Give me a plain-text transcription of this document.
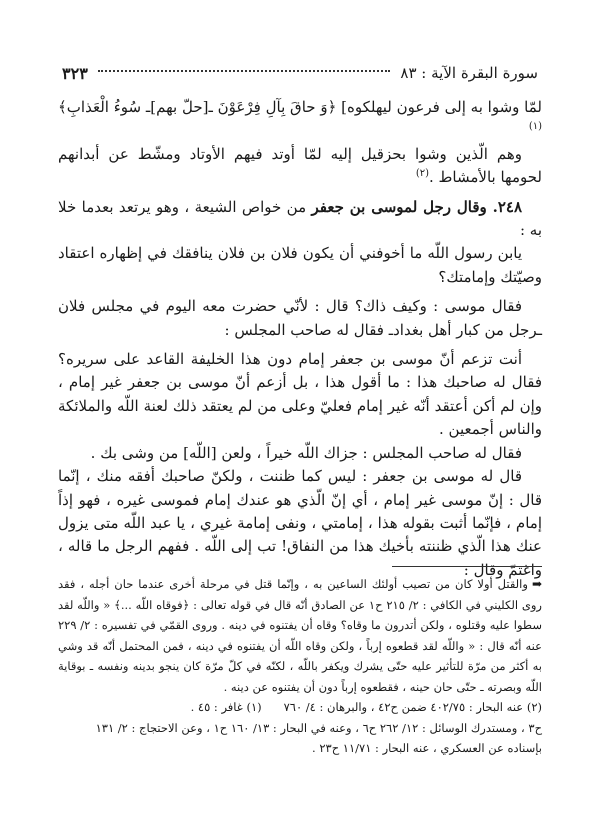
سورة البقرة الآية : ٨٣
٣٢٣

لمّا وشوا به إلى فرعون ليهلكوه] ﴿وَ حاقَ بِآلِ فِرْعَوْنَ ـ[حلّ بهم]ـ سُوءُ الْعَذابِ﴾$^{(١)}$

وهم الّذين وشوا بحزقيل إليه لمّا أوتد فيهم الأوتاد ومشّط عن أبدانهم لحومها بالأمشاط .$^{(٢)}$

٢٤٨. وقال رجل لموسى بن جعفر من خواص الشيعة ، وهو يرتعد بعدما خلا به :

يابن رسول اللّه ما أخوفني أن يكون فلان بن فلان ينافقك في إظهاره اعتقاد وصيّتك وإمامتك؟

فقال موسى : وكيف ذاك؟ قال : لأنّي حضرت معه اليوم في مجلس فلان ـرجل من كبار أهل بغدادـ فقال له صاحب المجلس :

أنت تزعم أنّ موسى بن جعفر إمام دون هذا الخليفة القاعد على سريره؟ فقال له صاحبك هذا : ما أقول هذا ، بل أزعم أنّ موسى بن جعفر غير إمام ، وإن لم أكن أعتقد أنّه غير إمام فعليّ وعلى من لم يعتقد ذلك لعنة اللّه والملائكة والناس أجمعين .

فقال له صاحب المجلس : جزاك اللّه خيراً ، ولعن [اللّه] من وشى بك .

قال له موسى بن جعفر : ليس كما ظننت ، ولكنّ صاحبك أفقه منك ، إنّما قال : إنّ موسى غير إمام ، أي إنّ الّذي هو عندك إمام فموسى غيره ، فهو إذاً إمام ، فإنّما أثبت بقوله هذا ، إمامتي ، ونفى إمامة غيري ، يا عبد اللّه متى يزول عنك هذا الّذي ظننته بأخيك هذا من النفاق! تب إلى اللّه . ففهم الرجل ما قاله ، واغتمّ وقال :

➡والقتل أولا كان من تصيب أولئك الساعين به ، وإنّما قتل في مرحلة أخرى عندما حان أجله ، فقد روى الكليني في الكافي : ٢/ ٢١٥ ح١ عن الصادق أنّه قال في قوله تعالى : ﴿فوقاه اللّه ...﴾ « واللّه لقد سطوا عليه وقتلوه ، ولكن أتدرون ما وقاه؟ وقاه أن يفتنوه في دينه . وروى القمّي في تفسيره : ٢/ ٢٢٩ عنه أنّه قال : « واللّه لقد قطعوه إرباً ، ولكن وقاه اللّه أن يفتنوه في دينه ، فمن المحتمل أنّه قد وشي به أكثر من مرّة للتأثير عليه حتّى يشرك ويكفر باللّه ، لكنّه في كلّ مرّة كان ينجو بدينه ونفسه ـ بوقاية اللّه وبصرته ـ حتّى حان حينه ، فقطعوه إرباً دون أن يفتنوه عن دينه .

(٢) عنه البحار : ٤٠٢/٧٥ ضمن ح٤٢ ، والبرهان : ٤/ ٧٦٠      (١) غافر : ٤٥ .

ح٣ ، ومستدرك الوسائل : ١٢/ ٢٦٢ ح٦ ، وعنه في البحار : ١٣/ ١٦٠ ح١ ، وعن الاحتجاج : ٢/ ١٣١

بإسناده عن العسكري ، عنه البحار : ١١/٧١ ح٢٣ .
